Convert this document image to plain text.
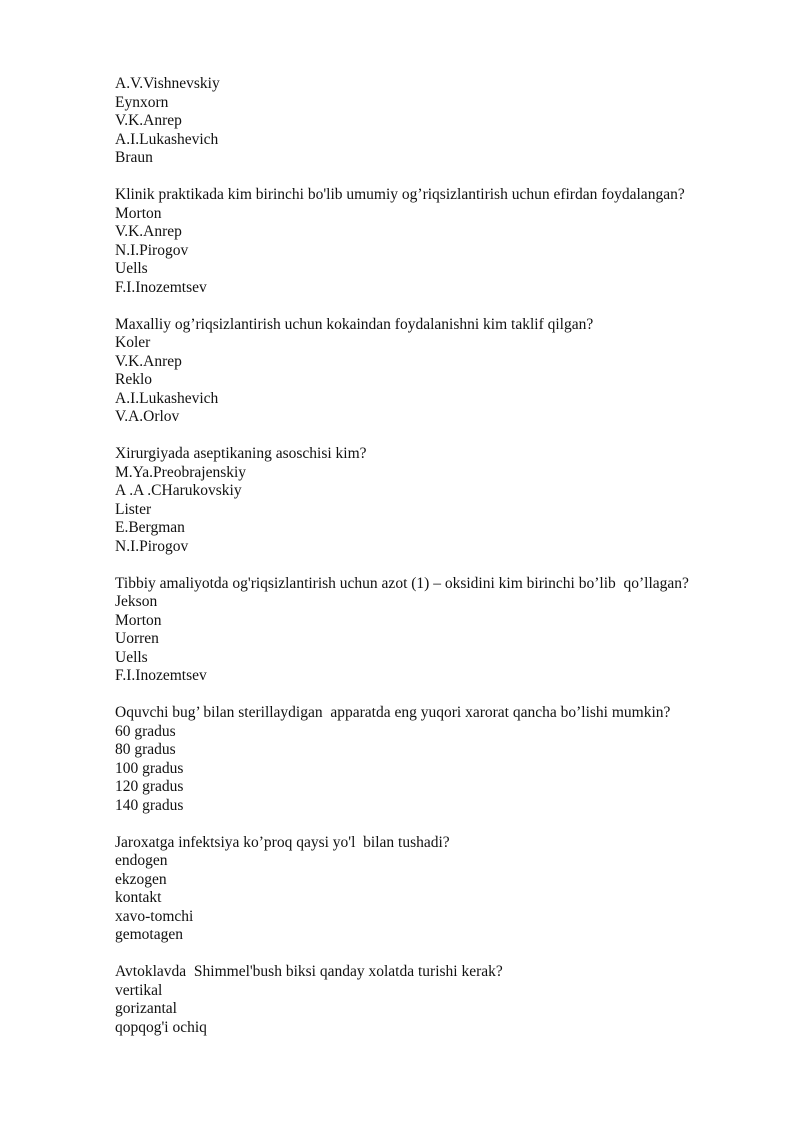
A.V.Vishnevskiy
Eynxorn
V.K.Anrep
A.I.Lukashevich
Braun
Klinik praktikada kim birinchi bo'lib umumiy og’riqsizlantirish uchun efirdan foydalangan?
Morton
V.K.Anrep
N.I.Pirogov
Uells
F.I.Inozemtsev
Maxalliy og’riqsizlantirish uchun kokaindan foydalanishni kim taklif qilgan?
Koler
V.K.Anrep
Reklo
A.I.Lukashevich
V.A.Orlov
Xirurgiyada aseptikaning asoschisi kim?
M.Ya.Preobrajenskiy
A .A .CHarukovskiy
Lister
E.Bergman
N.I.Pirogov
Tibbiy amaliyotda og'riqsizlantirish uchun azot (1) – oksidini kim birinchi bo’lib  qo’llagan?
Jekson
Morton
Uorren
Uells
F.I.Inozemtsev
Oquvchi bug’ bilan sterillaydigan  apparatda eng yuqori xarorat qancha bo’lishi mumkin?
60 gradus
80 gradus
100 gradus
120 gradus
140 gradus
Jaroxatga infektsiya ko’proq qaysi yo'l  bilan tushadi?
endogen
ekzogen
kontakt
xavo-tomchi
gemotagen
Avtoklavda  Shimmel'bush biksi qanday xolatda turishi kerak?
vertikal
gorizantal
qopqog'i ochiq
